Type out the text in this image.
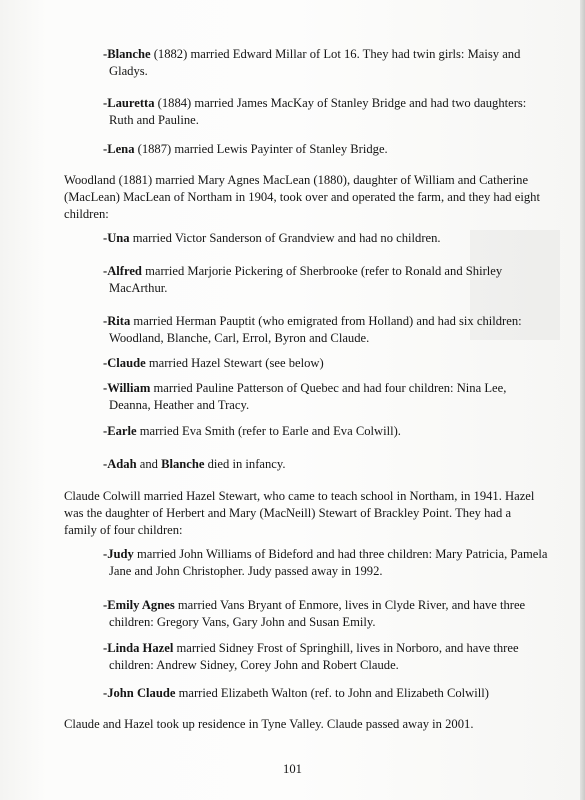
-Blanche (1882) married Edward Millar of Lot 16. They had twin girls: Maisy and Gladys.

-Lauretta (1884) married James MacKay of Stanley Bridge and had two daughters: Ruth and Pauline.

-Lena (1887) married Lewis Payinter of Stanley Bridge.

Woodland (1881) married Mary Agnes MacLean (1880), daughter of William and Catherine (MacLean) MacLean of Northam in 1904, took over and operated the farm, and they had eight children:

-Una married Victor Sanderson of Grandview and had no children.

-Alfred married Marjorie Pickering of Sherbrooke (refer to Ronald and Shirley MacArthur.

-Rita married Herman Pauptit (who emigrated from Holland) and had six children: Woodland, Blanche, Carl, Errol, Byron and Claude.

-Claude married Hazel Stewart (see below)

-William married Pauline Patterson of Quebec and had four children: Nina Lee, Deanna, Heather and Tracy.

-Earle married Eva Smith (refer to Earle and Eva Colwill).

-Adah and Blanche died in infancy.

Claude Colwill married Hazel Stewart, who came to teach school in Northam, in 1941. Hazel was the daughter of Herbert and Mary (MacNeill) Stewart of Brackley Point. They had a family of four children:

-Judy married John Williams of Bideford and had three children: Mary Patricia, Pamela Jane and John Christopher. Judy passed away in 1992.

-Emily Agnes married Vans Bryant of Enmore, lives in Clyde River, and have three children: Gregory Vans, Gary John and Susan Emily.

-Linda Hazel married Sidney Frost of Springhill, lives in Norboro, and have three children: Andrew Sidney, Corey John and Robert Claude.

-John Claude married Elizabeth Walton (ref. to John and Elizabeth Colwill)

Claude and Hazel took up residence in Tyne Valley. Claude passed away in 2001.

101
